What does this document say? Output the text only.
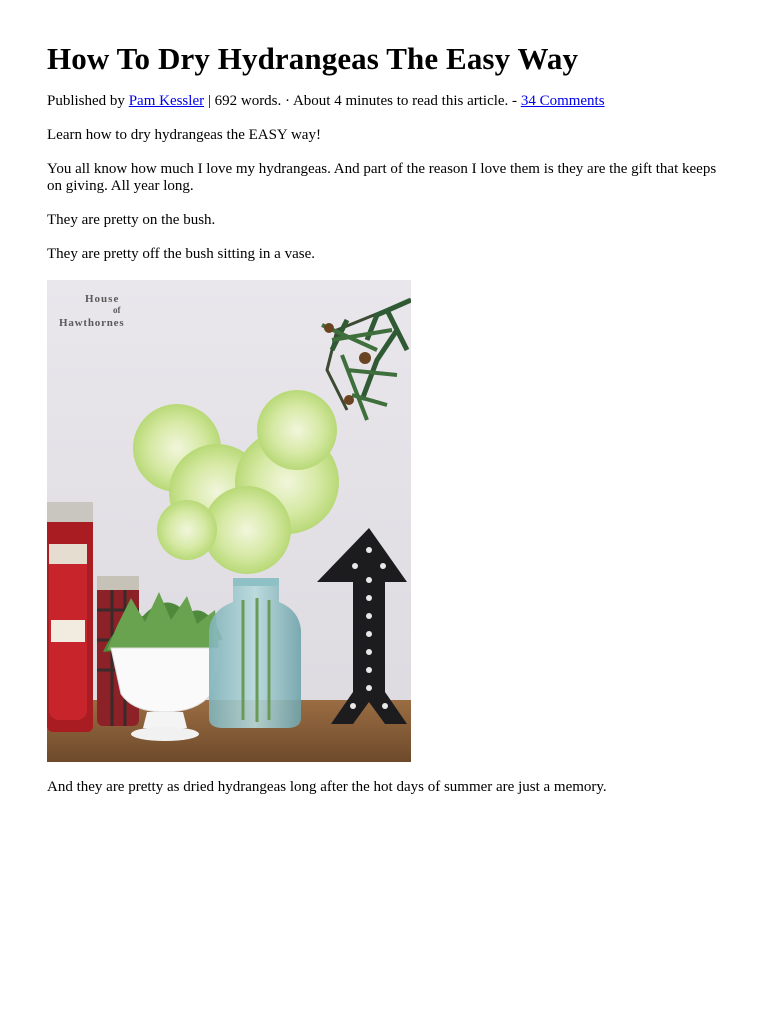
How To Dry Hydrangeas The Easy Way
Published by Pam Kessler | 692 words. · About 4 minutes to read this article. - 34 Comments

Learn how to dry hydrangeas the EASY way!

You all know how much I love my hydrangeas. And part of the reason I love them is they are the gift that keeps on giving. All year long.

They are pretty on the bush.

They are pretty off the bush sitting in a vase.

House
of
Hawthornes

And they are pretty as dried hydrangeas long after the hot days of summer are just a memory.
